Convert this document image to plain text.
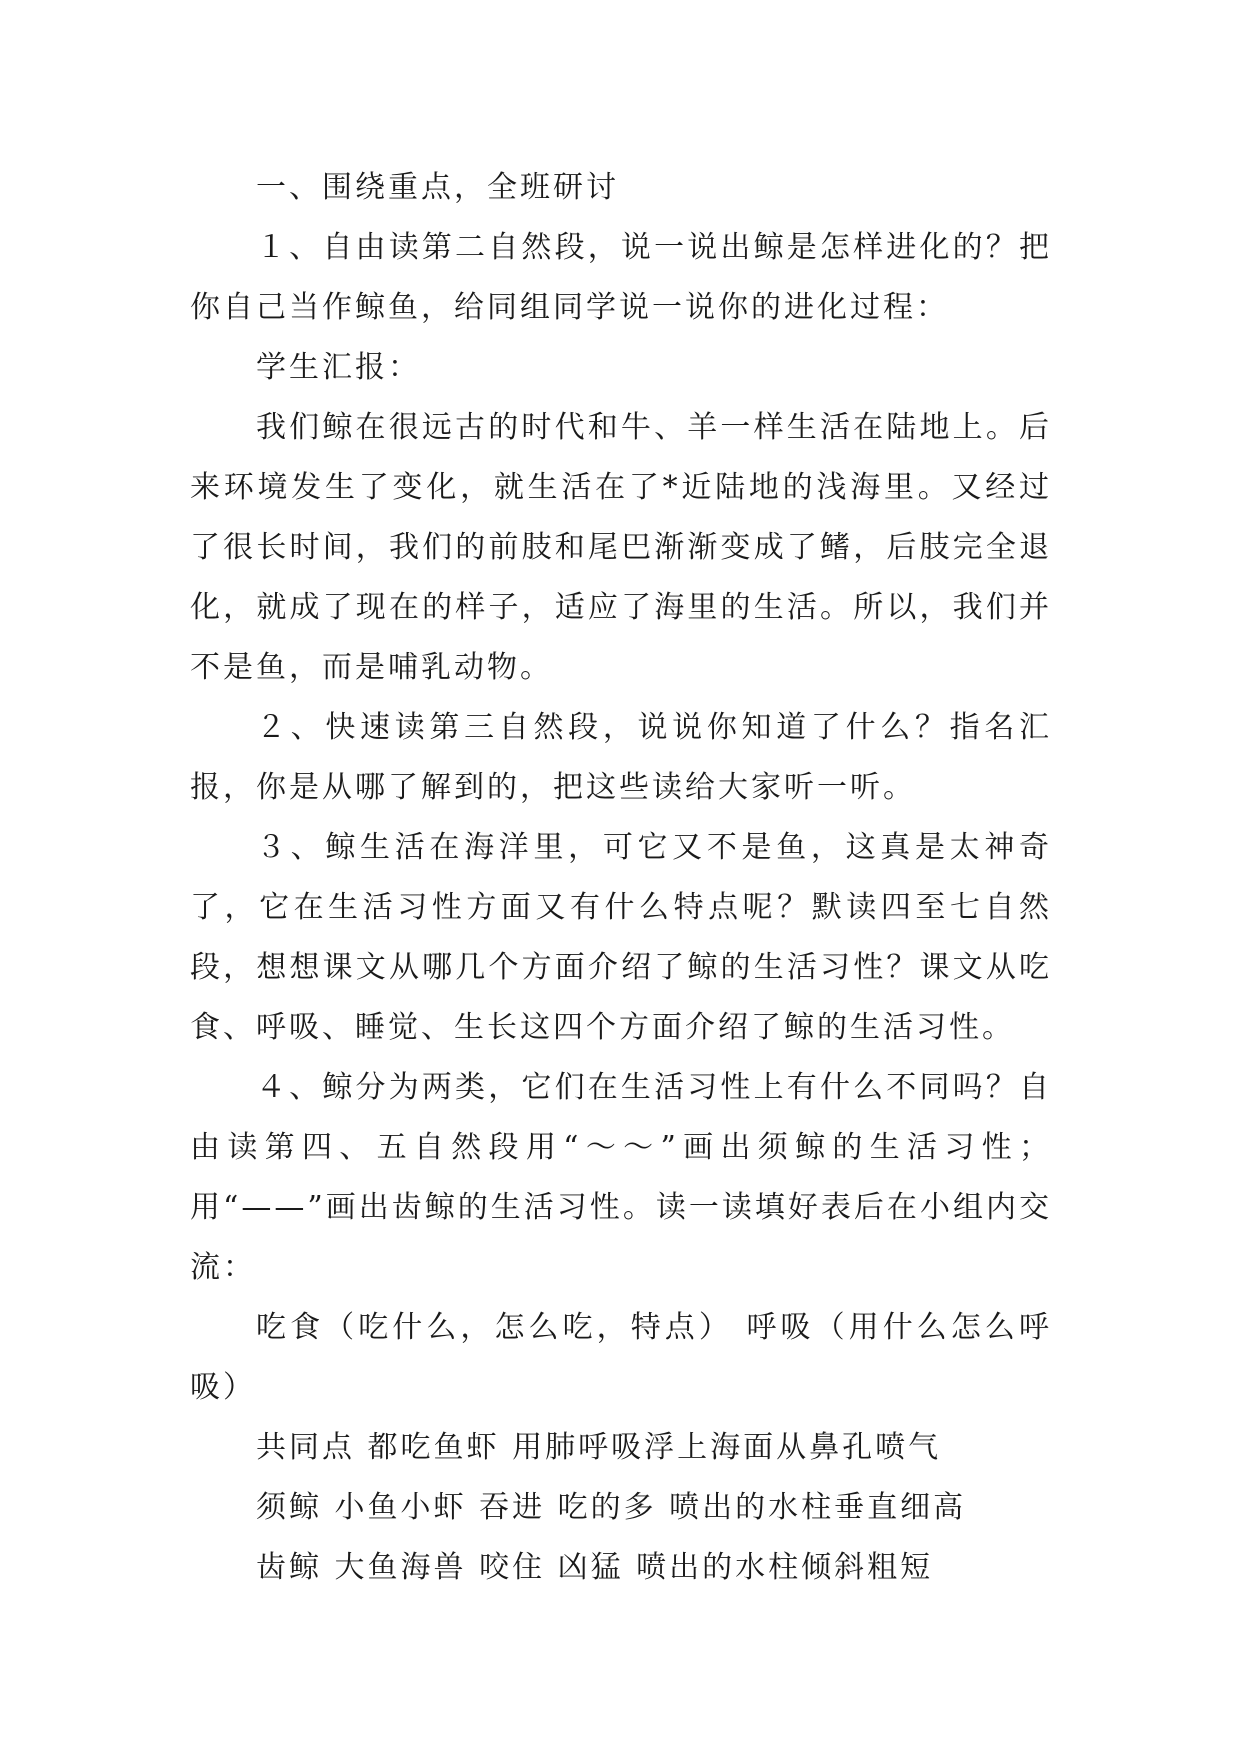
一、围绕重点，全班研讨

１、自由读第二自然段，说一说出鲸是怎样进化的？把你自己当作鲸鱼，给同组同学说一说你的进化过程：

学生汇报：

我们鲸在很远古的时代和牛、羊一样生活在陆地上。后来环境发生了变化，就生活在了*近陆地的浅海里。又经过了很长时间，我们的前肢和尾巴渐渐变成了鳍，后肢完全退化，就成了现在的样子，适应了海里的生活。所以，我们并不是鱼，而是哺乳动物。

２、快速读第三自然段，说说你知道了什么？指名汇报，你是从哪了解到的，把这些读给大家听一听。

３、鲸生活在海洋里，可它又不是鱼，这真是太神奇了，它在生活习性方面又有什么特点呢？默读四至七自然段，想想课文从哪几个方面介绍了鲸的生活习性？课文从吃食、呼吸、睡觉、生长这四个方面介绍了鲸的生活习性。

４、鲸分为两类，它们在生活习性上有什么不同吗？自由读第四、五自然段用“～～”画出须鲸的生活习性；用“——”画出齿鲸的生活习性。读一读填好表后在小组内交流：

吃食（吃什么，怎么吃，特点） 呼吸（用什么怎么呼吸）

共同点 都吃鱼虾 用肺呼吸浮上海面从鼻孔喷气

须鲸 小鱼小虾 吞进 吃的多 喷出的水柱垂直细高

齿鲸 大鱼海兽 咬住 凶猛 喷出的水柱倾斜粗短
